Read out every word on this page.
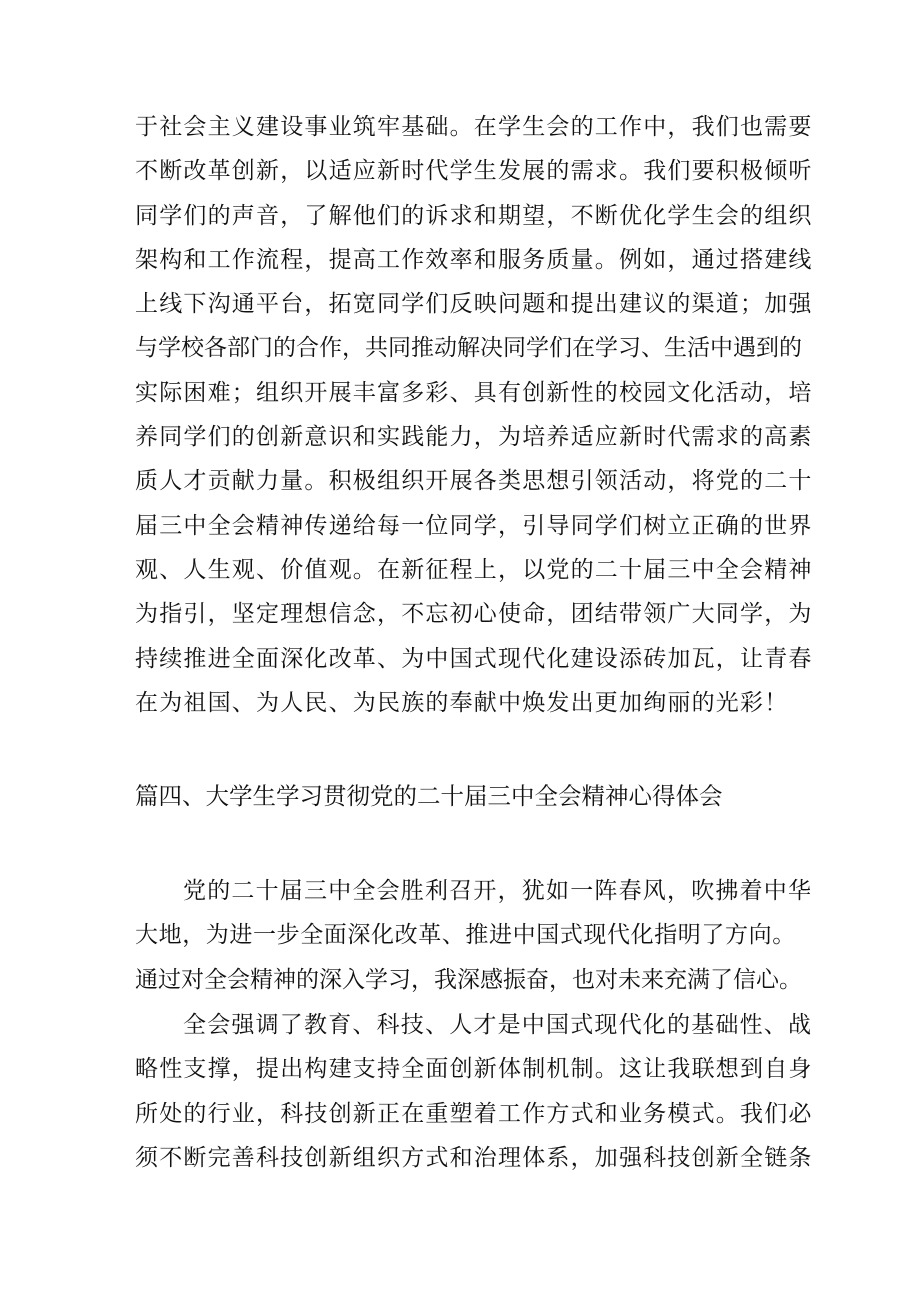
于社会主义建设事业筑牢基础。在学生会的工作中，我们也需要
不断改革创新，以适应新时代学生发展的需求。我们要积极倾听
同学们的声音，了解他们的诉求和期望，不断优化学生会的组织
架构和工作流程，提高工作效率和服务质量。例如，通过搭建线
上线下沟通平台，拓宽同学们反映问题和提出建议的渠道；加强
与学校各部门的合作，共同推动解决同学们在学习、生活中遇到的
实际困难；组织开展丰富多彩、具有创新性的校园文化活动，培
养同学们的创新意识和实践能力，为培养适应新时代需求的高素
质人才贡献力量。积极组织开展各类思想引领活动，将党的二十
届三中全会精神传递给每一位同学，引导同学们树立正确的世界
观、人生观、价值观。在新征程上，以党的二十届三中全会精神
为指引，坚定理想信念，不忘初心使命，团结带领广大同学，为
持续推进全面深化改革、为中国式现代化建设添砖加瓦，让青春
在为祖国、为人民、为民族的奉献中焕发出更加绚丽的光彩！
篇四、大学生学习贯彻党的二十届三中全会精神心得体会
党的二十届三中全会胜利召开，犹如一阵春风，吹拂着中华
大地，为进一步全面深化改革、推进中国式现代化指明了方向。
通过对全会精神的深入学习，我深感振奋，也对未来充满了信心。
全会强调了教育、科技、人才是中国式现代化的基础性、战
略性支撑，提出构建支持全面创新体制机制。这让我联想到自身
所处的行业，科技创新正在重塑着工作方式和业务模式。我们必
须不断完善科技创新组织方式和治理体系，加强科技创新全链条
